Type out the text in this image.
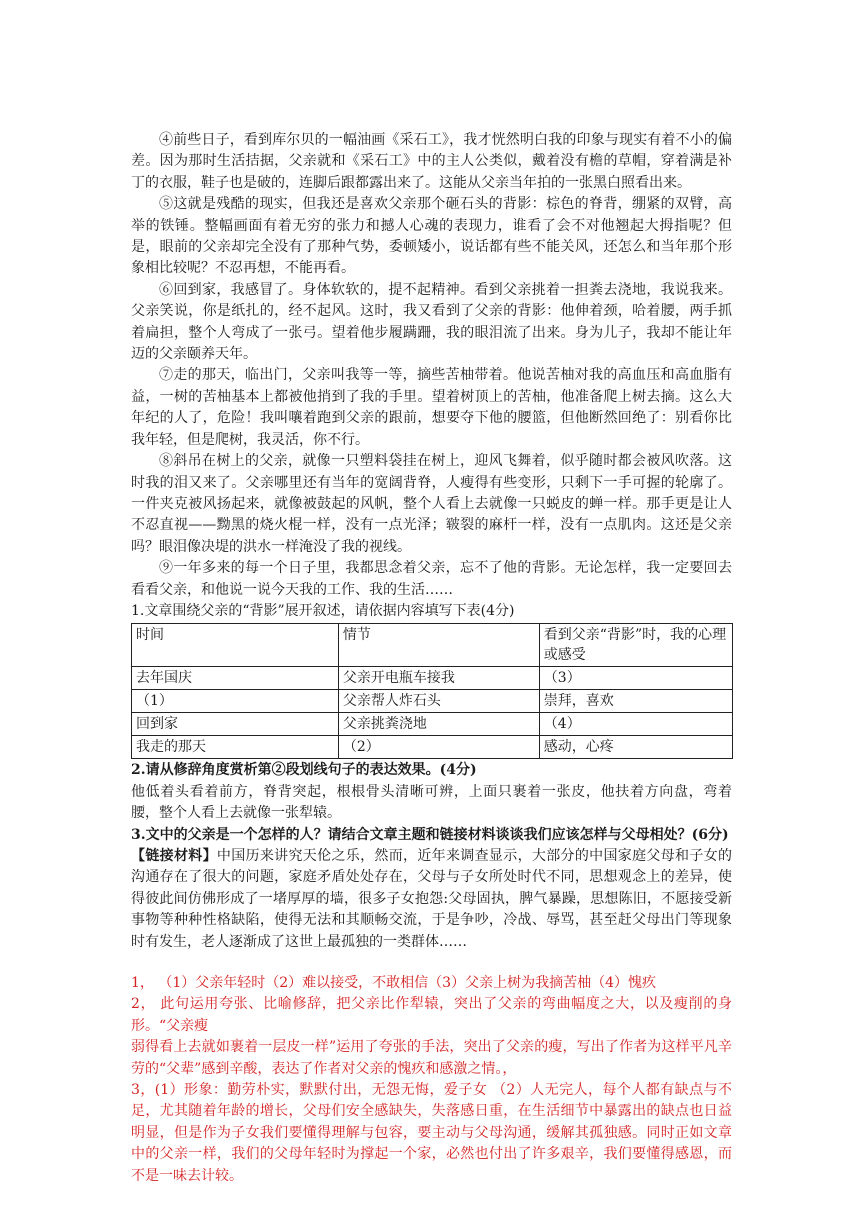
④前些日子，看到库尔贝的一幅油画《采石工》，我才恍然明白我的印象与现实有着不小的偏差。因为那时生活拮据，父亲就和《采石工》中的主人公类似，戴着没有檐的草帽，穿着满是补丁的衣服，鞋子也是破的，连脚后跟都露出来了。这能从父亲当年拍的一张黑白照看出来。

⑤这就是残酷的现实，但我还是喜欢父亲那个砸石头的背影：棕色的脊背，绷紧的双臂，高举的铁锤。整幅画面有着无穷的张力和撼人心魂的表现力，谁看了会不对他翘起大拇指呢？但是，眼前的父亲却完全没有了那种气势，委顿矮小，说话都有些不能关风，还怎么和当年那个形象相比较呢？不忍再想，不能再看。

⑥回到家，我感冒了。身体软软的，提不起精神。看到父亲挑着一担粪去浇地，我说我来。父亲笑说，你是纸扎的，经不起风。这时，我又看到了父亲的背影：他伸着颈，哈着腰，两手抓着扁担，整个人弯成了一张弓。望着他步履蹒跚，我的眼泪流了出来。身为儿子，我却不能让年迈的父亲颐养天年。

⑦走的那天，临出门，父亲叫我等一等，摘些苦柚带着。他说苦柚对我的高血压和高血脂有益，一树的苦柚基本上都被他捎到了我的手里。望着树顶上的苦柚，他准备爬上树去摘。这么大年纪的人了，危险！我叫嚷着跑到父亲的跟前，想要夺下他的腰篮，但他断然回绝了：别看你比我年轻，但是爬树，我灵活，你不行。

⑧斜吊在树上的父亲，就像一只塑料袋挂在树上，迎风飞舞着，似乎随时都会被风吹落。这时我的泪又来了。父亲哪里还有当年的宽阔背脊，人瘦得有些变形，只剩下一手可握的轮廓了。一件夹克被风扬起来，就像被鼓起的风帆，整个人看上去就像一只蜕皮的蝉一样。那手更是让人不忍直视——黝黑的烧火棍一样，没有一点光泽；皲裂的麻杆一样，没有一点肌肉。这还是父亲吗？眼泪像决堤的洪水一样淹没了我的视线。

⑨一年多来的每一个日子里，我都思念着父亲，忘不了他的背影。无论怎样，我一定要回去看看父亲，和他说一说今天我的工作、我的生活……

1.文章围绕父亲的“背影”展开叙述，请依据内容填写下表(4分)

时间	情节	看到父亲“背影”时，我的心理或感受
去年国庆	父亲开电瓶车接我	（3）
（1）	父亲帮人炸石头	崇拜，喜欢
回到家	父亲挑粪浇地	（4）
我走的那天	（2）	感动，心疼

2.请从修辞角度赏析第②段划线句子的表达效果。(4分)

他低着头看着前方，脊背突起，根根骨头清晰可辨，上面只裹着一张皮，他扶着方向盘，弯着腰，整个人看上去就像一张犁辕。

3.文中的父亲是一个怎样的人？请结合文章主题和链接材料谈谈我们应该怎样与父母相处？(6分)

【链接材料】中国历来讲究天伦之乐，然而，近年来调查显示，大部分的中国家庭父母和子女的沟通存在了很大的问题，家庭矛盾处处存在，父母与子女所处时代不同，思想观念上的差异，使得彼此间仿佛形成了一堵厚厚的墙，很多子女抱怨:父母固执，脾气暴躁，思想陈旧，不愿接受新事物等种种性格缺陷，使得无法和其顺畅交流，于是争吵，冷战、辱骂，甚至赶父母出门等现象时有发生，老人逐渐成了这世上最孤独的一类群体……

1， （1）父亲年轻时（2）难以接受，不敢相信（3）父亲上树为我摘苦柚（4）愧疚

2， 此句运用夸张、比喻修辞，把父亲比作犁辕，突出了父亲的弯曲幅度之大，以及瘦削的身形。“父亲瘦

弱得看上去就如裹着一层皮一样”运用了夸张的手法，突出了父亲的瘦，写出了作者为这样平凡辛劳的“父辈”感到辛酸，表达了作者对父亲的愧疚和感激之情。，

3，(1）形象：勤劳朴实，默默付出，无怨无悔，爱子女 （2）人无完人，每个人都有缺点与不足，尤其随着年龄的增长，父母们安全感缺失，失落感日重，在生活细节中暴露出的缺点也日益明显，但是作为子女我们要懂得理解与包容，要主动与父母沟通，缓解其孤独感。同时正如文章中的父亲一样，我们的父母年轻时为撑起一个家，必然也付出了许多艰辛，我们要懂得感恩，而不是一味去计较。
